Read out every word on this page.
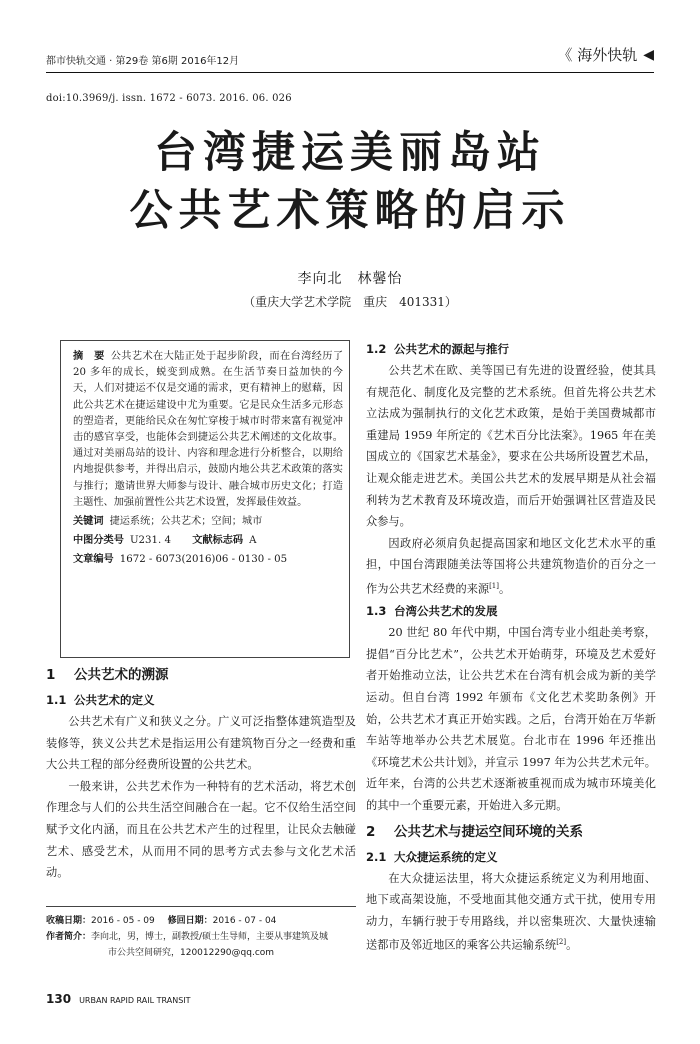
都市快轨交通 · 第29卷 第6期 2016年12月	《 海外快轨 ◀
doi:10.3969/j. issn. 1672 - 6073. 2016. 06. 026
台湾捷运美丽岛站
公共艺术策略的启示
李向北　林馨怡
（重庆大学艺术学院　重庆　401331）

摘　要 公共艺术在大陆正处于起步阶段，而在台湾经历了 20 多年的成长，蜕变到成熟。在生活节奏日益加快的今天，人们对捷运不仅是交通的需求，更有精神上的慰藉，因此公共艺术在捷运建设中尤为重要。它是民众生活多元形态的塑造者，更能给民众在匆忙穿梭于城市时带来富有视觉冲击的感官享受，也能体会到捷运公共艺术阐述的文化故事。通过对美丽岛站的设计、内容和理念进行分析整合，以期给内地提供参考，并得出启示，鼓励内地公共艺术政策的落实与推行；邀请世界大师参与设计、融合城市历史文化；打造主题性、加强前置性公共艺术设置，发挥最佳效益。

关键词 捷运系统；公共艺术；空间；城市
中图分类号 U231. 4 文献标志码 A
文章编号 1672 - 6073(2016)06 - 0130 - 05
1 公共艺术的溯源
1.1 公共艺术的定义

公共艺术有广义和狭义之分。广义可泛指整体建筑造型及装修等，狭义公共艺术是指运用公有建筑物百分之一经费和重大公共工程的部分经费所设置的公共艺术。

一般来讲，公共艺术作为一种特有的艺术活动，将艺术创作理念与人们的公共生活空间融合在一起。它不仅给生活空间赋予文化内涵，而且在公共艺术产生的过程里，让民众去触碰艺术、感受艺术，从而用不同的思考方式去参与文化艺术活动。

1.2 公共艺术的源起与推行

公共艺术在欧、美等国已有先进的设置经验，使其具有规范化、制度化及完整的艺术系统。但首先将公共艺术立法成为强制执行的文化艺术政策，是始于美国费城都市重建局 1959 年所定的《艺术百分比法案》。1965 年在美国成立的《国家艺术基金》，要求在公共场所设置艺术品，让观众能走进艺术。美国公共艺术的发展早期是从社会福利转为艺术教育及环境改造，而后开始强调社区营造及民众参与。

因政府必须肩负起提高国家和地区文化艺术水平的重担，中国台湾跟随美法等国将公共建筑物造价的百分之一作为公共艺术经费的来源[1]。

1.3 台湾公共艺术的发展

20 世纪 80 年代中期，中国台湾专业小组赴美考察，提倡“百分比艺术”，公共艺术开始萌芽，环境及艺术爱好者开始推动立法，让公共艺术在台湾有机会成为新的美学运动。但自台湾 1992 年颁布《文化艺术奖助条例》开始，公共艺术才真正开始实践。之后，台湾开始在万华新车站等地举办公共艺术展览。台北市在 1996 年还推出《环境艺术公共计划》，并宣示 1997 年为公共艺术元年。近年来，台湾的公共艺术逐渐被重视而成为城市环境美化的其中一个重要元素，开始进入多元期。

2 公共艺术与捷运空间环境的关系
2.1 大众捷运系统的定义

在大众捷运法里，将大众捷运系统定义为利用地面、地下或高架设施，不受地面其他交通方式干扰，使用专用动力，车辆行驶于专用路线，并以密集班次、大量快速输送都市及邻近地区的乘客公共运输系统[2]。

收稿日期：2016 - 05 - 09 修回日期：2016 - 07 - 04
作者简介：李向北，男，博士，副教授/硕士生导师，主要从事建筑及城
市公共空间研究，120012290@qq.com
130 URBAN RAPID RAIL TRANSIT
